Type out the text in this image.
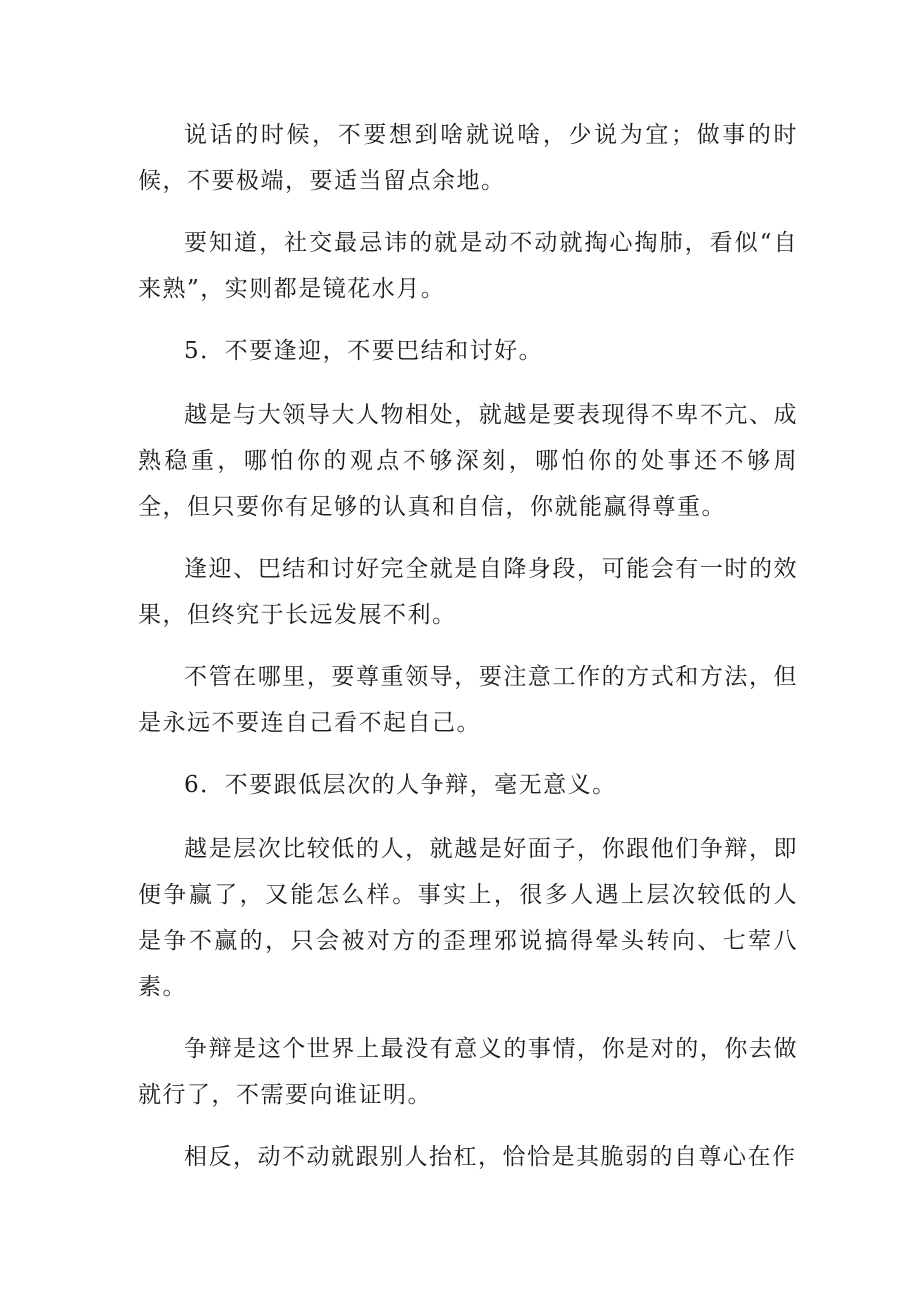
说话的时候，不要想到啥就说啥，少说为宜；做事的时候，不要极端，要适当留点余地。

要知道，社交最忌讳的就是动不动就掏心掏肺，看似“自来熟”，实则都是镜花水月。

5．不要逢迎，不要巴结和讨好。

越是与大领导大人物相处，就越是要表现得不卑不亢、成熟稳重，哪怕你的观点不够深刻，哪怕你的处事还不够周全，但只要你有足够的认真和自信，你就能赢得尊重。

逢迎、巴结和讨好完全就是自降身段，可能会有一时的效果，但终究于长远发展不利。

不管在哪里，要尊重领导，要注意工作的方式和方法，但是永远不要连自己看不起自己。

6．不要跟低层次的人争辩，毫无意义。

越是层次比较低的人，就越是好面子，你跟他们争辩，即便争赢了，又能怎么样。事实上，很多人遇上层次较低的人是争不赢的，只会被对方的歪理邪说搞得晕头转向、七荤八素。

争辩是这个世界上最没有意义的事情，你是对的，你去做就行了，不需要向谁证明。

相反，动不动就跟别人抬杠，恰恰是其脆弱的自尊心在作
